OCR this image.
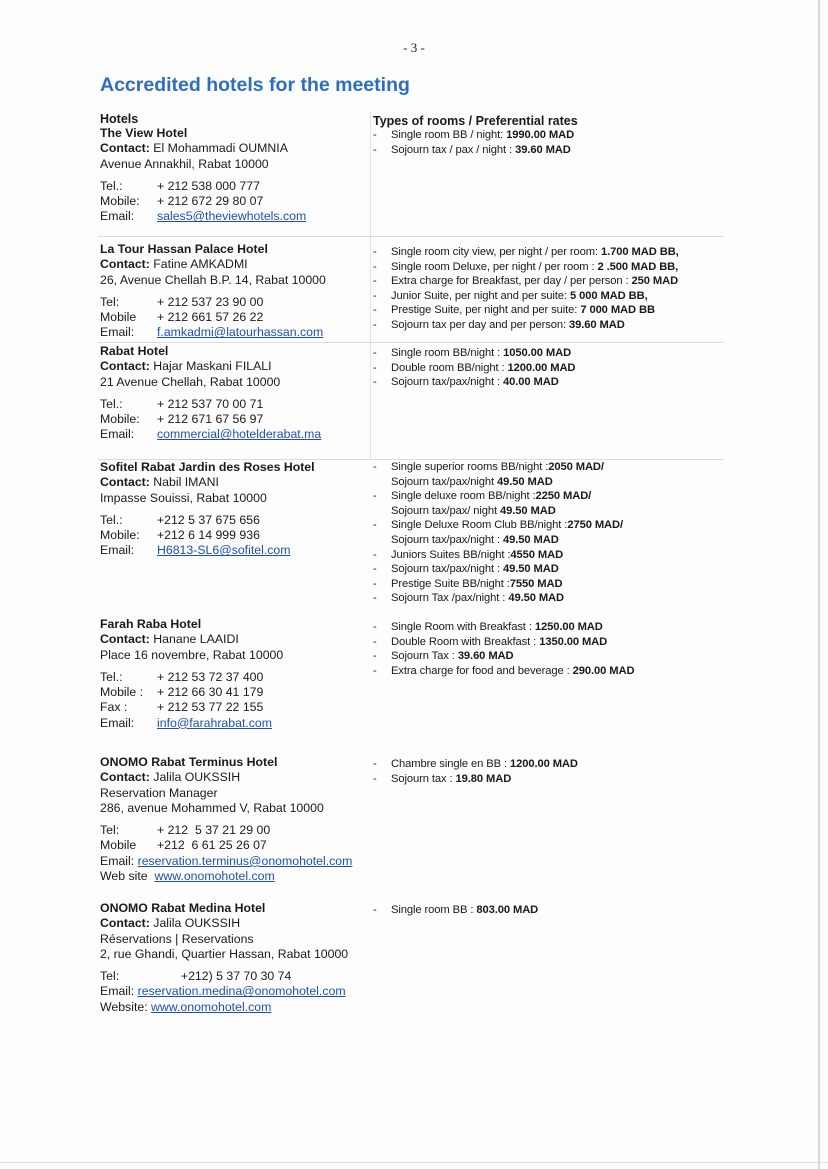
- 3 -
Accredited hotels for the meeting
Hotels	Types of rooms / Preferential rates
The View Hotel
Contact: El Mohammadi OUMNIA
Avenue Annakhil, Rabat 10000
Tel.:	+ 212 538 000 777
Mobile:	+ 212 672 29 80 07
Email:	sales5@theviewhotels.com
- Single room BB / night: 1990.00 MAD
- Sojourn tax / pax / night : 39.60 MAD
La Tour Hassan Palace Hotel
Contact: Fatine AMKADMI
26, Avenue Chellah B.P. 14, Rabat 10000
Tel:	+ 212 537 23 90 00
Mobile	+ 212 661 57 26 22
Email:	f.amkadmi@latourhassan.com
- Single room city view, per night / per room: 1.700 MAD BB,
- Single room Deluxe, per night / per room : 2 .500 MAD BB,
- Extra charge for Breakfast, per day / per person : 250 MAD
- Junior Suite, per night and per suite: 5 000 MAD BB,
- Prestige Suite, per night and per suite: 7 000 MAD BB
- Sojourn tax per day and per person: 39.60 MAD
Rabat Hotel
Contact: Hajar Maskani FILALI
21 Avenue Chellah, Rabat 10000
Tel.:	+ 212 537 70 00 71
Mobile:	+ 212 671 67 56 97
Email:	commercial@hotelderabat.ma
- Single room BB/night : 1050.00 MAD
- Double room BB/night : 1200.00 MAD
- Sojourn tax/pax/night : 40.00 MAD
Sofitel Rabat Jardin des Roses Hotel
Contact: Nabil IMANI
Impasse Souissi, Rabat 10000
Tel.:	+212 5 37 675 656
Mobile:	+212 6 14 999 936
Email:	H6813-SL6@sofitel.com
- Single superior rooms BB/night :2050 MAD/
Sojourn tax/pax/night 49.50 MAD
- Single deluxe room BB/night :2250 MAD/
Sojourn tax/pax/ night 49.50 MAD
- Single Deluxe Room Club BB/night :2750 MAD/
Sojourn tax/pax/night : 49.50 MAD
- Juniors Suites BB/night :4550 MAD
- Sojourn tax/pax/night : 49.50 MAD
- Prestige Suite BB/night :7550 MAD
- Sojourn Tax /pax/night : 49.50 MAD
Farah Raba Hotel
Contact: Hanane LAAIDI
Place 16 novembre, Rabat 10000
Tel.:	+ 212 53 72 37 400
Mobile :	+ 212 66 30 41 179
Fax :	+ 212 53 77 22 155
Email:	info@farahrabat.com
- Single Room with Breakfast : 1250.00 MAD
- Double Room with Breakfast : 1350.00 MAD
- Sojourn Tax : 39.60 MAD
- Extra charge for food and beverage : 290.00 MAD
ONOMO Rabat Terminus Hotel
Contact: Jalila OUKSSIH
Reservation Manager
286, avenue Mohammed V, Rabat 10000
Tel:	+ 212  5 37 21 29 00
Mobile	+212  6 61 25 26 07
Email: reservation.terminus@onomohotel.com
Web site  www.onomohotel.com
- Chambre single en BB : 1200.00 MAD
- Sojourn tax : 19.80 MAD
ONOMO Rabat Medina Hotel
Contact: Jalila OUKSSIH
Réservations | Reservations
2, rue Ghandi, Quartier Hassan, Rabat 10000
Tel:	+212) 5 37 70 30 74
Email: reservation.medina@onomohotel.com
Website: www.onomohotel.com
- Single room BB : 803.00 MAD
